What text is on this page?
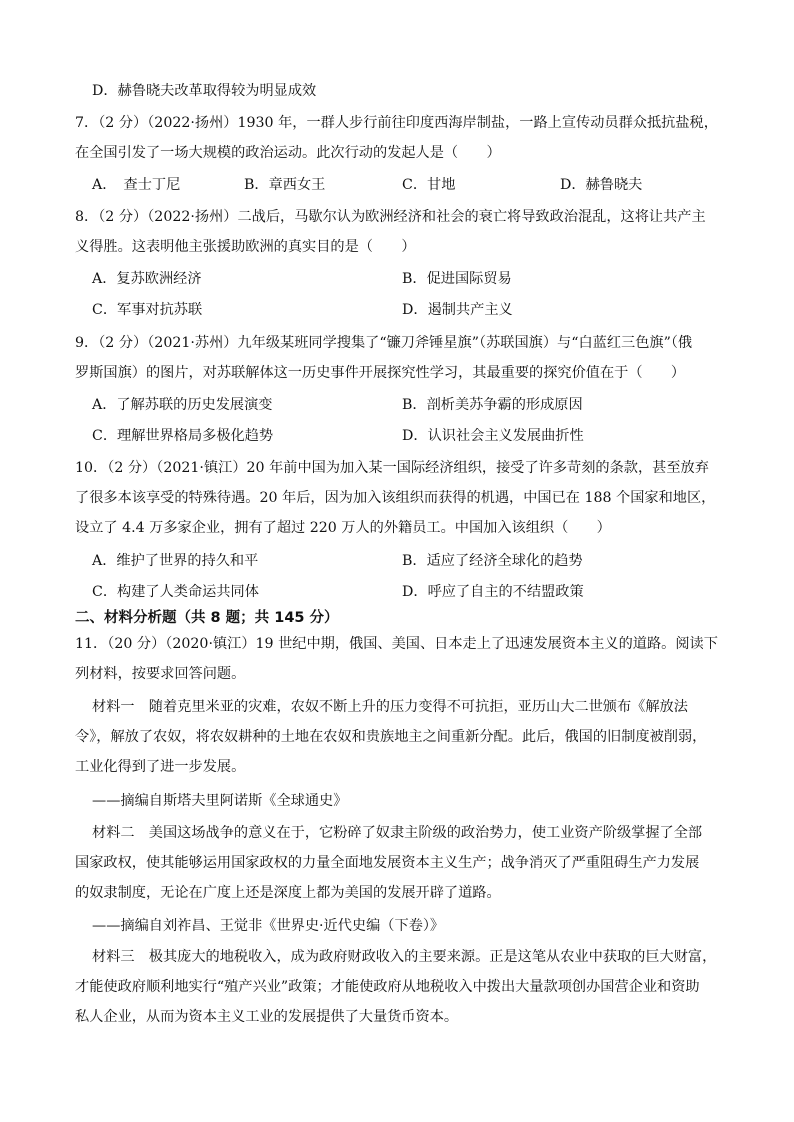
D．赫鲁晓夫改革取得较为明显成效
7．（2 分）（2022·扬州）1930 年，一群人步行前往印度西海岸制盐，一路上宣传动员群众抵抗盐税，
在全国引发了一场大规模的政治运动。此次行动的发起人是（　　）
A．　查士丁尼	B．章西女王	C．甘地	D．赫鲁晓夫
8．（2 分）（2022·扬州）二战后，马歇尔认为欧洲经济和社会的衰亡将导致政治混乱，这将让共产主
义得胜。这表明他主张援助欧洲的真实目的是（　　）
A．复苏欧洲经济	B．促进国际贸易
C．军事对抗苏联	D．遏制共产主义
9．（2 分）（2021·苏州）九年级某班同学搜集了“镰刀斧锤星旗”（苏联国旗）与“白蓝红三色旗”（俄
罗斯国旗）的图片，对苏联解体这一历史事件开展探究性学习，其最重要的探究价值在于（　　）
A．了解苏联的历史发展演变	B．剖析美苏争霸的形成原因
C．理解世界格局多极化趋势	D．认识社会主义发展曲折性
10．（2 分）（2021·镇江）20 年前中国为加入某一国际经济组织，接受了许多苛刻的条款，甚至放弃
了很多本该享受的特殊待遇。20 年后，因为加入该组织而获得的机遇，中国已在 188 个国家和地区，
设立了 4.4 万多家企业，拥有了超过 220 万人的外籍员工。中国加入该组织（　　）
A．维护了世界的持久和平	B．适应了经济全球化的趋势
C．构建了人类命运共同体	D．呼应了自主的不结盟政策
二、材料分析题（共 8 题；共 145 分）
11．（20 分）（2020·镇江）19 世纪中期，俄国、美国、日本走上了迅速发展资本主义的道路。阅读下
列材料，按要求回答问题。
材料一　随着克里米亚的灾难，农奴不断上升的压力变得不可抗拒，亚历山大二世颁布《解放法
令》，解放了农奴，将农奴耕种的土地在农奴和贵族地主之间重新分配。此后，俄国的旧制度被削弱，
工业化得到了进一步发展。
——摘编自斯塔夫里阿诺斯《全球通史》
材料二　美国这场战争的意义在于，它粉碎了奴隶主阶级的政治势力，使工业资产阶级掌握了全部
国家政权，使其能够运用国家政权的力量全面地发展资本主义生产；战争消灭了严重阻碍生产力发展
的奴隶制度，无论在广度上还是深度上都为美国的发展开辟了道路。
——摘编自刘祚昌、王觉非《世界史·近代史编（下卷）》
材料三　极其庞大的地税收入，成为政府财政收入的主要来源。正是这笔从农业中获取的巨大财富，
才能使政府顺利地实行“殖产兴业”政策；才能使政府从地税收入中拨出大量款项创办国营企业和资助
私人企业，从而为资本主义工业的发展提供了大量货币资本。
